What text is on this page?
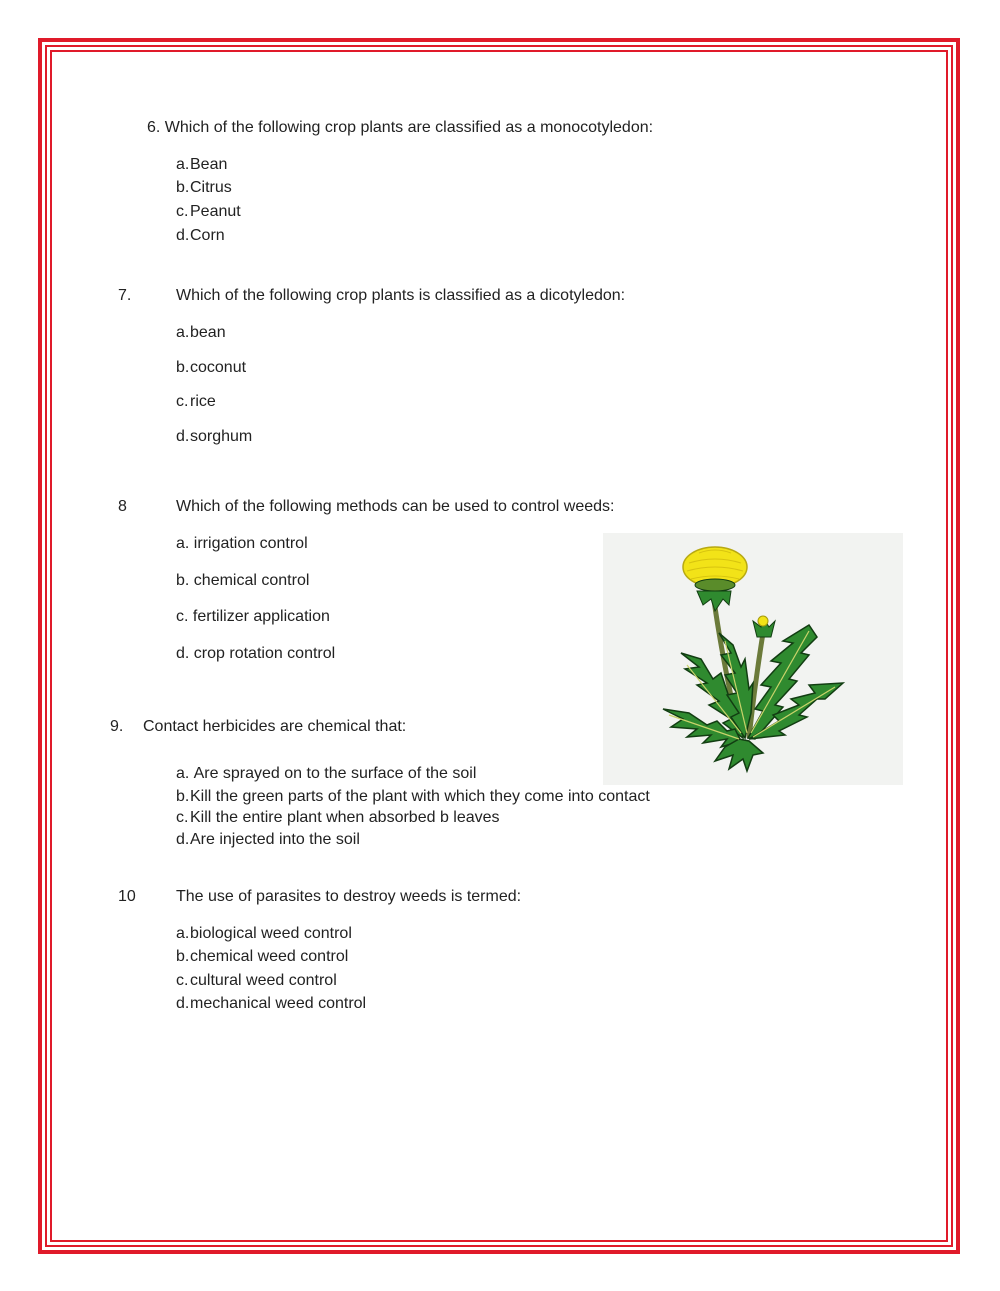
6. Which of the following crop plants are classified as a monocotyledon:
a.Bean
b.Citrus
c.Peanut
d.Corn
7.	Which of the following crop plants is classified as a dicotyledon:
a.bean
b.coconut
c.rice
d.sorghum
8	Which of the following methods can be used to control weeds:
a. irrigation control
b. chemical control
c. fertilizer application
d. crop rotation control
9. Contact herbicides are chemical that:
a. Are sprayed on to the surface of the soil
b.Kill the green parts of the plant with which they come into contact
c.Kill the entire plant when absorbed b leaves
d.Are injected into the soil
10	The use of parasites to destroy weeds is termed:
a.biological weed control
b.chemical weed control
c.cultural weed control
d.mechanical weed control
